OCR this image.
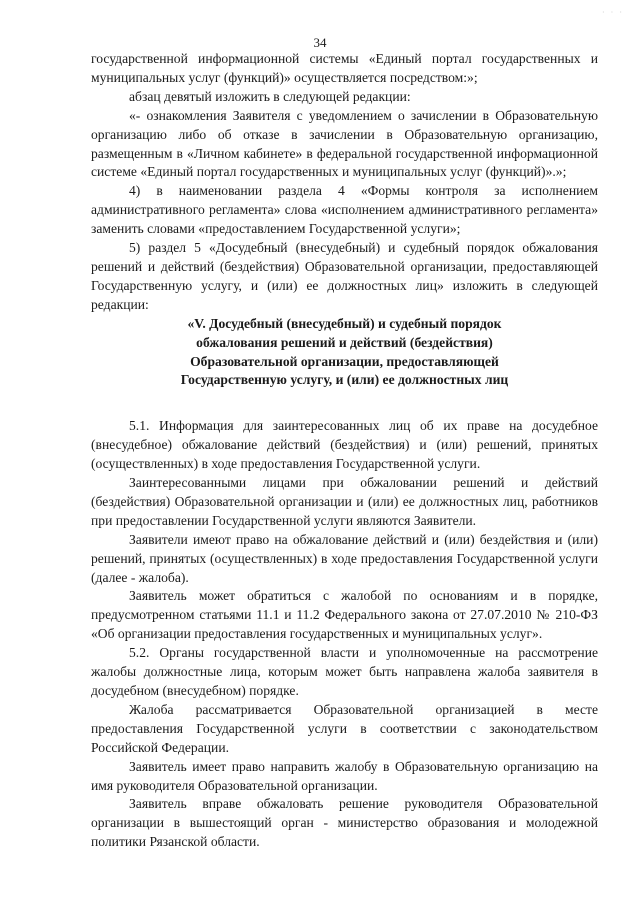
· · ·
34

государственной информационной системы «Единый портал государственных и муниципальных услуг (функций)» осуществляется посредством:»;

абзац девятый изложить в следующей редакции:

«- ознакомления Заявителя с уведомлением о зачислении в Образовательную организацию либо об отказе в зачислении в Образовательную организацию, размещенным в «Личном кабинете» в федеральной государственной информационной системе «Единый портал государственных и муниципальных услуг (функций)».»;

4) в наименовании раздела 4 «Формы контроля за исполнением административного регламента» слова «исполнением административного регламента» заменить словами «предоставлением Государственной услуги»;

5) раздел 5 «Досудебный (внесудебный) и судебный порядок обжалования решений и действий (бездействия) Образовательной организации, предоставляющей Государственную услугу, и (или) ее должностных лиц» изложить в следующей редакции:

«V. Досудебный (внесудебный) и судебный порядок

обжалования решений и действий (бездействия)

Образовательной организации, предоставляющей

Государственную услугу, и (или) ее должностных лиц

5.1. Информация для заинтересованных лиц об их праве на досудебное (внесудебное) обжалование действий (бездействия) и (или) решений, принятых (осуществленных) в ходе предоставления Государственной услуги.

Заинтересованными лицами при обжаловании решений и действий (бездействия) Образовательной организации и (или) ее должностных лиц, работников при предоставлении Государственной услуги являются Заявители.

Заявители имеют право на обжалование действий и (или) бездействия и (или) решений, принятых (осуществленных) в ходе предоставления Государственной услуги (далее - жалоба).

Заявитель может обратиться с жалобой по основаниям и в порядке, предусмотренном статьями 11.1 и 11.2 Федерального закона от 27.07.2010 № 210-ФЗ «Об организации предоставления государственных и муниципальных услуг».

5.2. Органы государственной власти и уполномоченные на рассмотрение жалобы должностные лица, которым может быть направлена жалоба заявителя в досудебном (внесудебном) порядке.

Жалоба рассматривается Образовательной организацией в месте предоставления Государственной услуги в соответствии с законодательством Российской Федерации.

Заявитель имеет право направить жалобу в Образовательную организацию на имя руководителя Образовательной организации.

Заявитель вправе обжаловать решение руководителя Образовательной организации в вышестоящий орган - министерство образования и молодежной политики Рязанской области.
